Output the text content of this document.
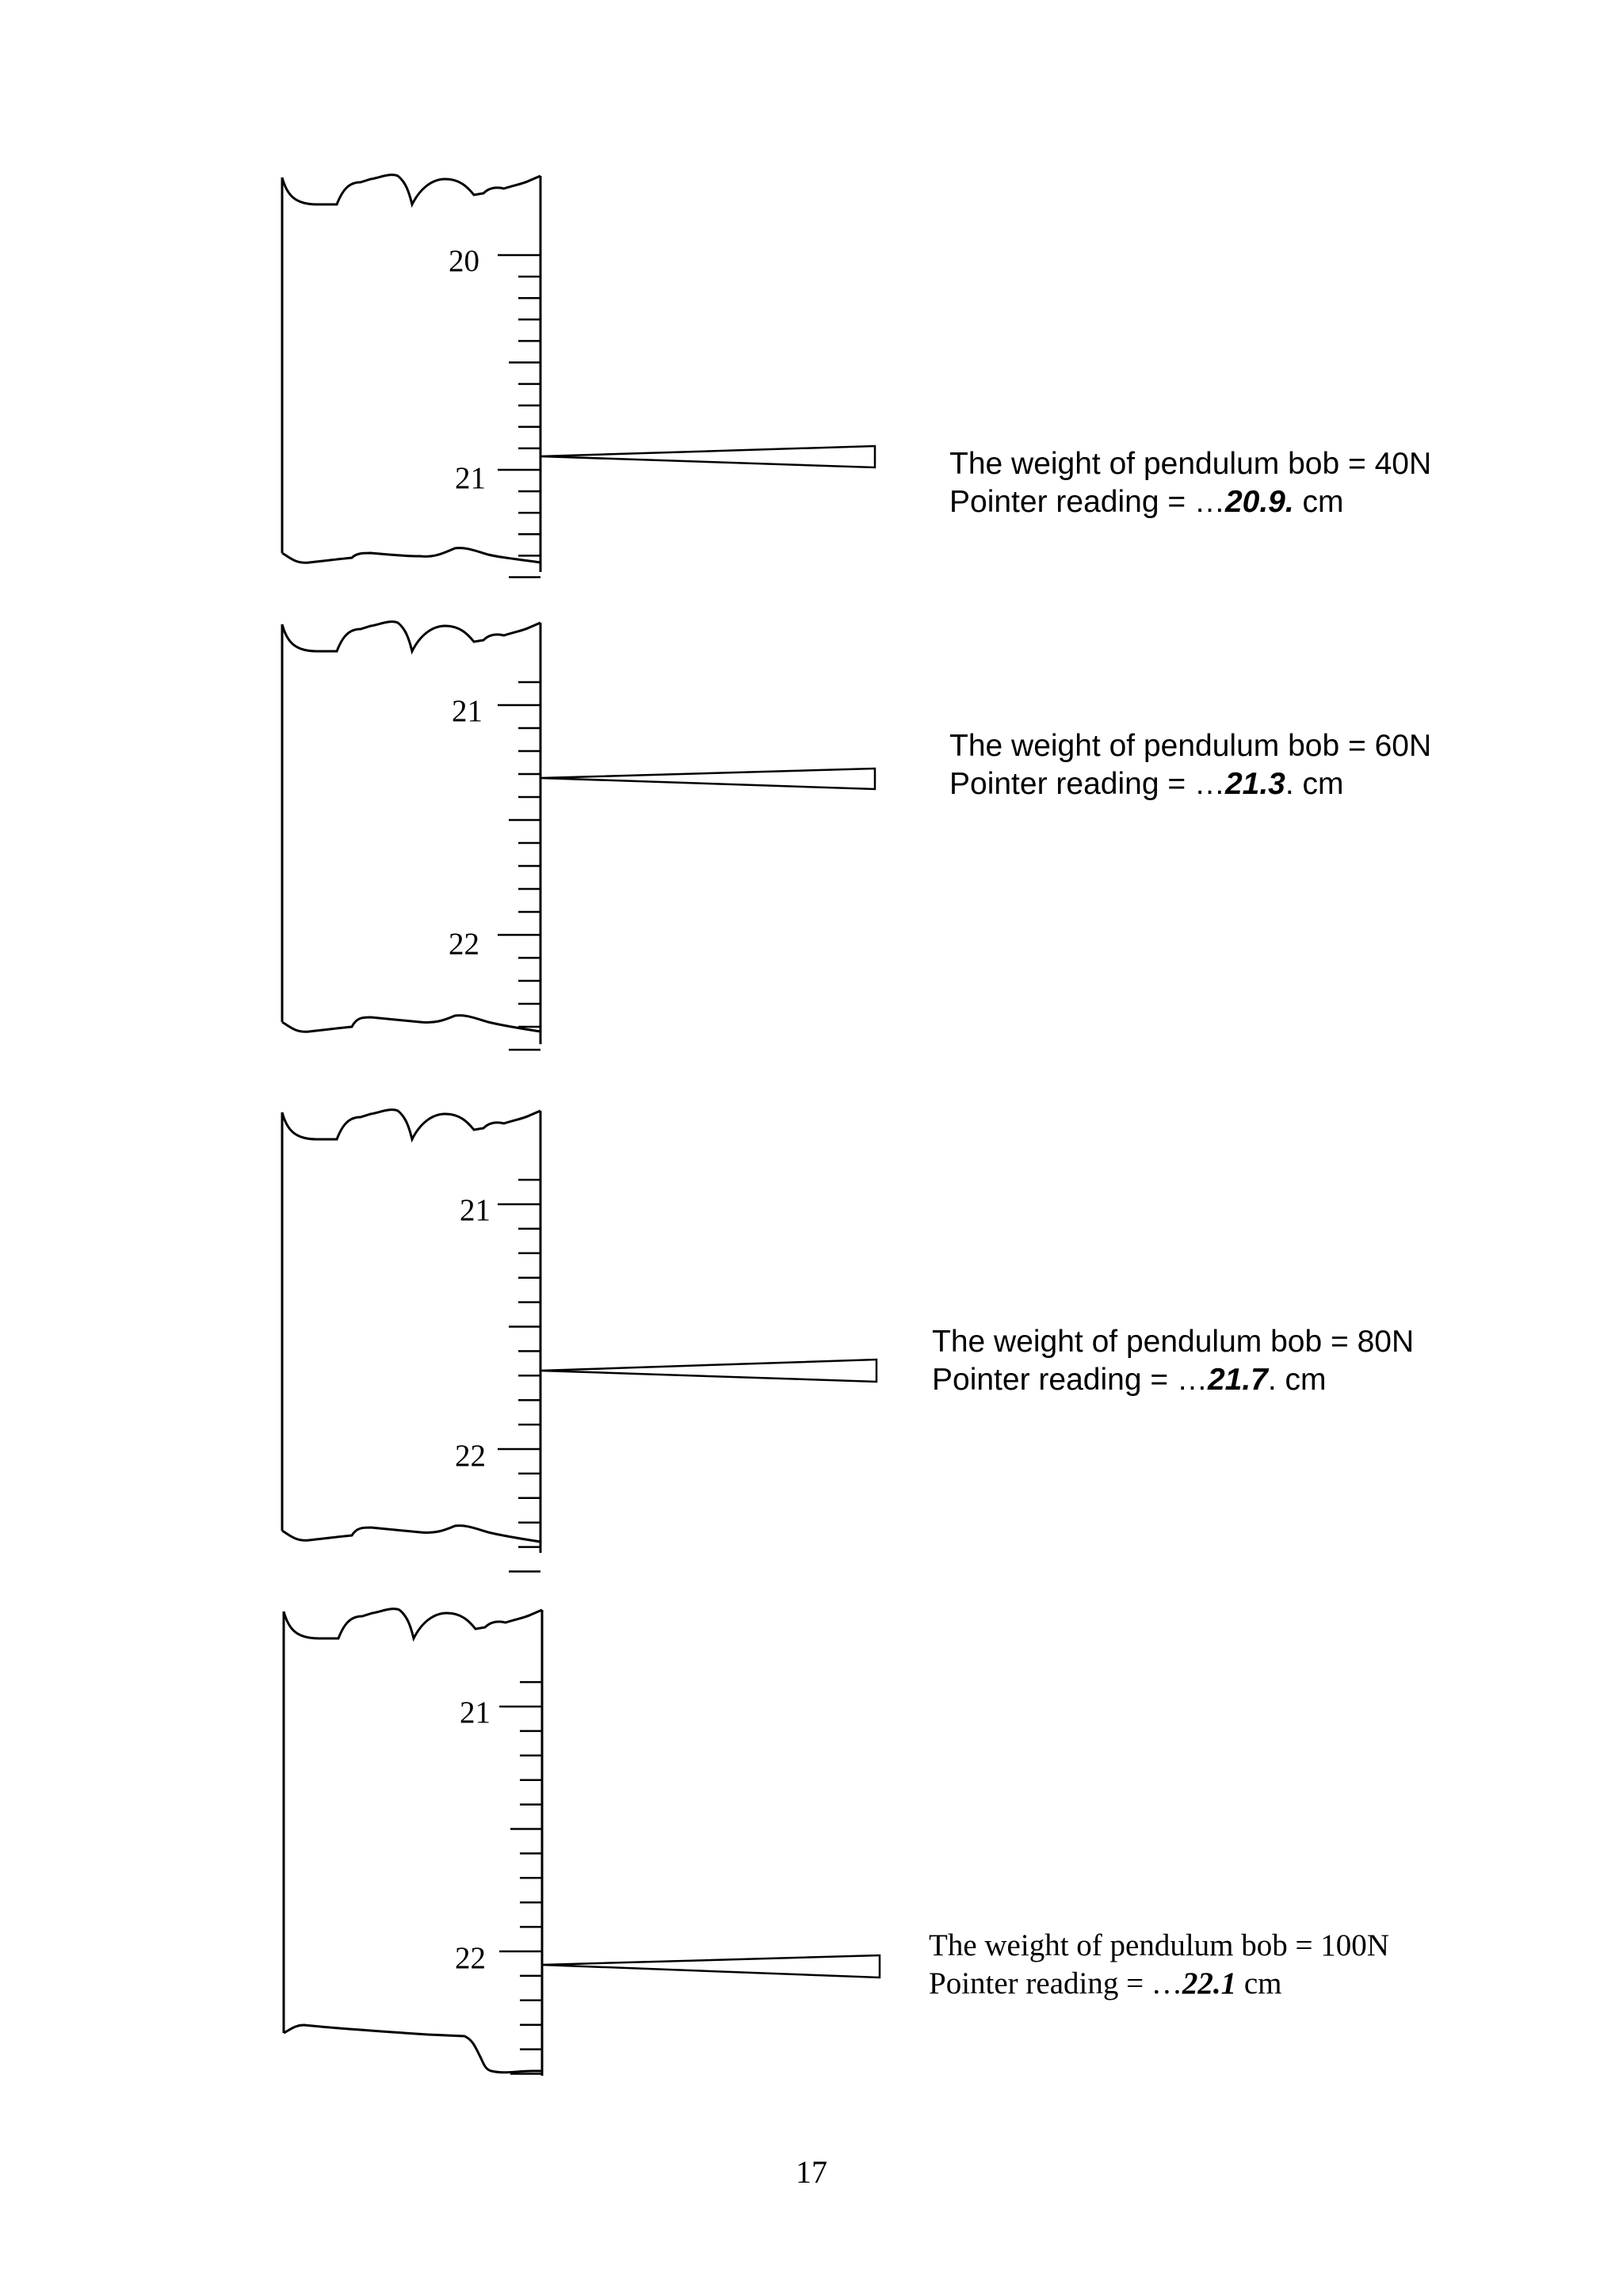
20
21
21
22
21
22
21
22
The weight of pendulum bob = 40N
Pointer reading = …20.9. cm
The weight of pendulum bob = 60N
Pointer reading = …21.3. cm
The weight of pendulum bob = 80N
Pointer reading = …21.7. cm
The weight of pendulum bob = 100N
Pointer reading = …22.1 cm
17
